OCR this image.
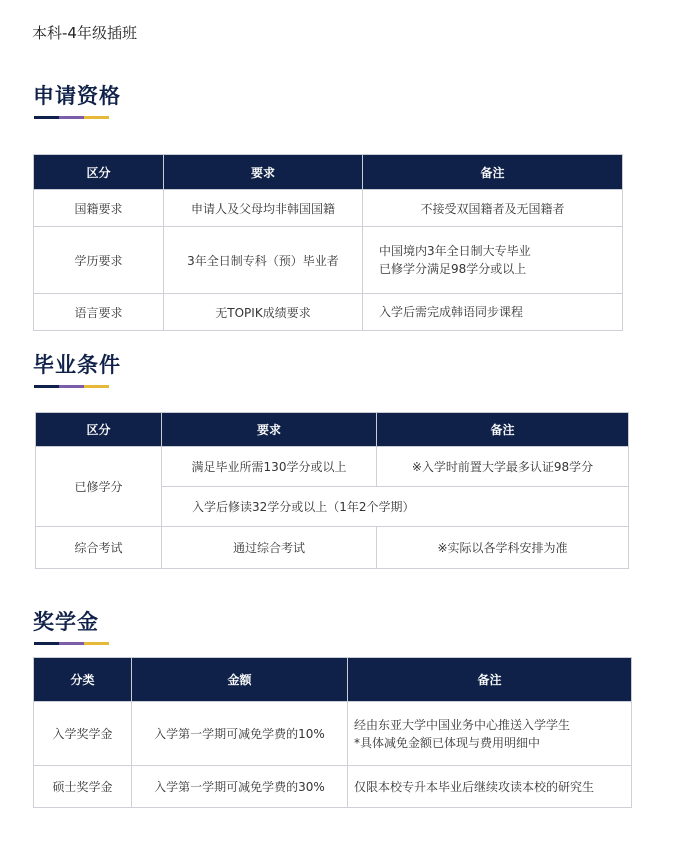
本科-4年级插班
申请资格
区分	要求	备注
国籍要求	申请人及父母均非韩国国籍	不接受双国籍者及无国籍者
学历要求	3年全日制专科（预）毕业者	中国境内3年全日制大专毕业
已修学分满足98学分或以上

语言要求	无TOPIK成绩要求	入学后需完成韩语同步课程
毕业条件
区分	要求	备注
已修学分	满足毕业所需130学分或以上	※入学时前置大学最多认证98学分
	入学后修读32学分或以上（1年2个学期）	
综合考试	通过综合考试	※实际以各学科安排为准
奖学金
分类	金额	备注
入学奖学金	入学第一学期可减免学费的10%	经由东亚大学中国业务中心推送入学学生
*具体减免金额已体现与费用明细中

硕士奖学金	入学第一学期可减免学费的30%	仅限本校专升本毕业后继续攻读本校的研究生
